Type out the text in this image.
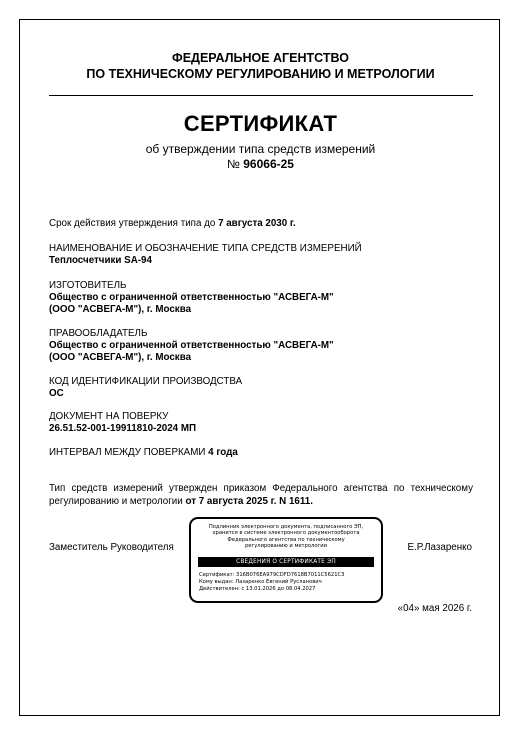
ФЕДЕРАЛЬНОЕ АГЕНТСТВО
ПО ТЕХНИЧЕСКОМУ РЕГУЛИРОВАНИЮ И МЕТРОЛОГИИ
СЕРТИФИКАТ
об утверждении типа средств измерений
№ 96066-25
Срок действия утверждения типа до 7 августа 2030 г.
НАИМЕНОВАНИЕ И ОБОЗНАЧЕНИЕ ТИПА СРЕДСТВ ИЗМЕРЕНИЙ
Теплосчетчики SA-94
ИЗГОТОВИТЕЛЬ
Общество с ограниченной ответственностью "АСВЕГА-М"
(ООО "АСВЕГА-М"), г. Москва
ПРАВООБЛАДАТЕЛЬ
Общество с ограниченной ответственностью "АСВЕГА-М"
(ООО "АСВЕГА-М"), г. Москва
КОД ИДЕНТИФИКАЦИИ ПРОИЗВОДСТВА
ОС
ДОКУМЕНТ НА ПОВЕРКУ
26.51.52-001-19911810-2024 МП
ИНТЕРВАЛ МЕЖДУ ПОВЕРКАМИ 4 года
Тип средств измерений утвержден приказом Федерального агентства по техническому регулированию и метрологии от 7 августа 2025 г. N 1611.
Заместитель Руководителя
Подлинник электронного документа, подписанного ЭП,
хранится в системе электронного документооборота
Федерального агентства по техническому
регулированию и метрологии
СВЕДЕНИЯ О СЕРТИФИКАТЕ ЭП
Сертификат: 316B076EA979CDFD7618B7011C5621C3
Кому выдан: Лазаренко Евгений Русланович
Действителен: с 13.01.2026 до 08.04.2027
Е.Р.Лазаренко
«04» мая 2026 г.
